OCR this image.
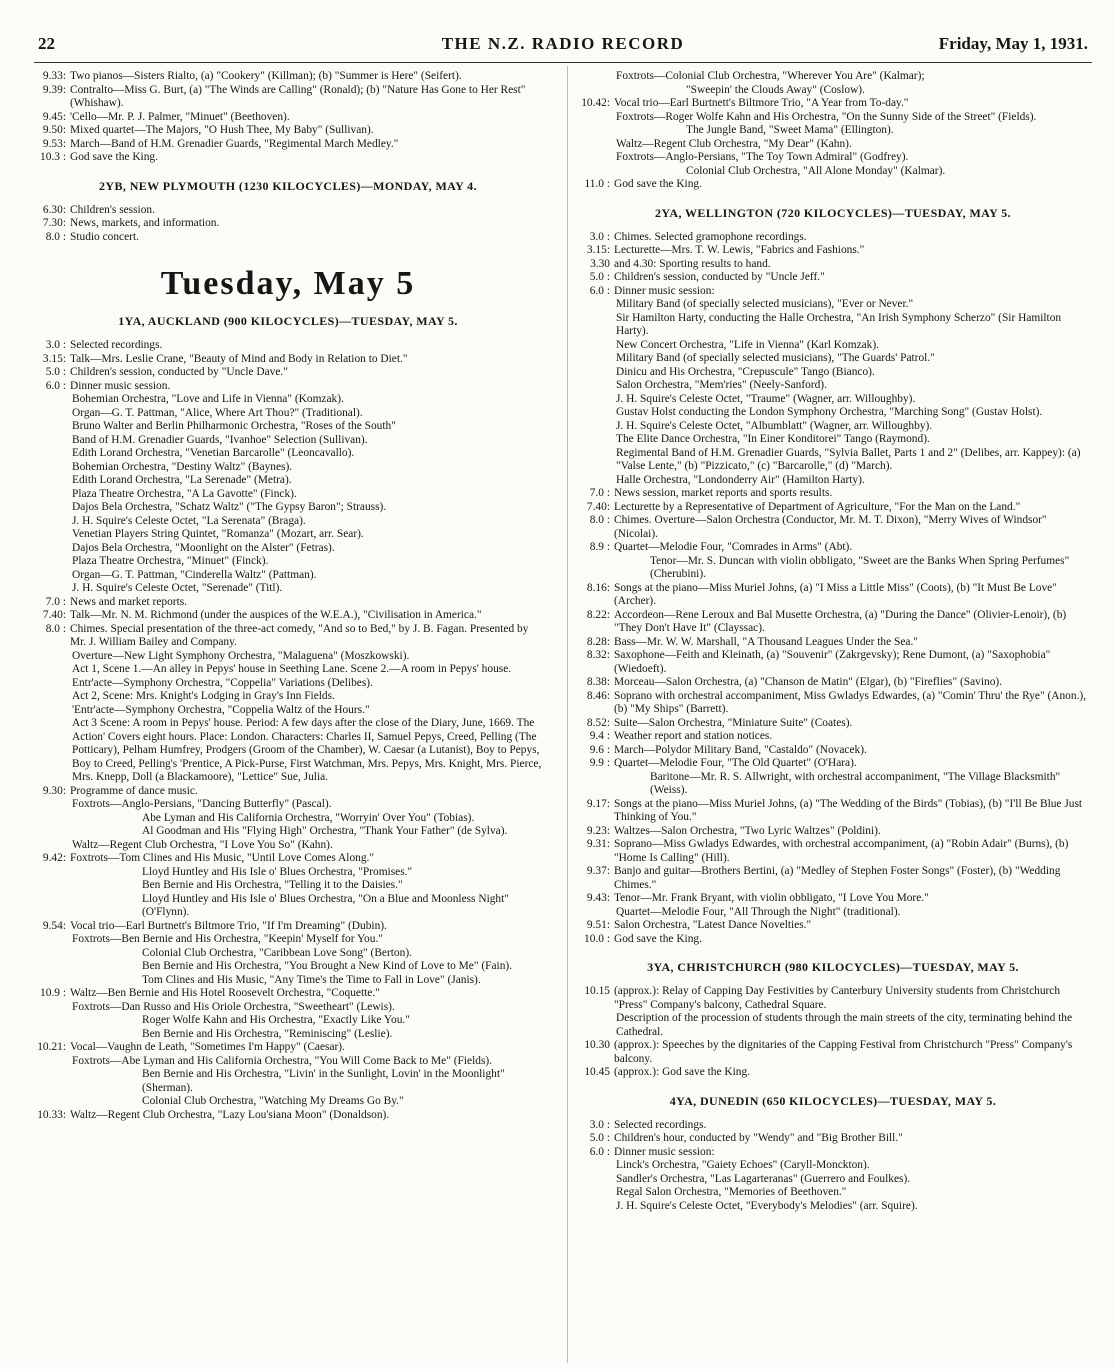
22	THE N.Z. RADIO RECORD	Friday, May 1, 1931.
9.33: Two pianos—Sisters Rialto, (a) "Cookery" (Killman); (b) "Summer is Here" (Seifert).
9.39: Contralto—Miss G. Burt, (a) "The Winds are Calling" (Ronald); (b) "Nature Has Gone to Her Rest" (Whishaw).
9.45: 'Cello—Mr. P. J. Palmer, "Minuet" (Beethoven).
9.50: Mixed quartet—The Majors, "O Hush Thee, My Baby" (Sullivan).
9.53: March—Band of H.M. Grenadier Guards, "Regimental March Medley."
10.3 : God save the King.
2YB, NEW PLYMOUTH (1230 KILOCYCLES)—MONDAY, MAY 4.
6.30: Children's session.
7.30: News, markets, and information.
8.0 : Studio concert.
Tuesday, May 5
1YA, AUCKLAND (900 KILOCYCLES)—TUESDAY, MAY 5.
3.0 : Selected recordings.
3.15: Talk—Mrs. Leslie Crane, "Beauty of Mind and Body in Relation to Diet."
5.0 : Children's session, conducted by "Uncle Dave."
6.0 : Dinner music session.
Bohemian Orchestra, "Love and Life in Vienna" (Komzak).
Organ—G. T. Pattman, "Alice, Where Art Thou?" (Traditional).
Bruno Walter and Berlin Philharmonic Orchestra, "Roses of the South"
Band of H.M. Grenadier Guards, "Ivanhoe" Selection (Sullivan).
Edith Lorand Orchestra, "Venetian Barcarolle" (Leoncavallo).
Bohemian Orchestra, "Destiny Waltz" (Baynes).
Edith Lorand Orchestra, "La Serenade" (Metra).
Plaza Theatre Orchestra, "A La Gavotte" (Finck).
Dajos Bela Orchestra, "Schatz Waltz" ("The Gypsy Baron"; Strauss).
J. H. Squire's Celeste Octet, "La Serenata" (Braga).
Venetian Players String Quintet, "Romanza" (Mozart, arr. Sear).
Dajos Bela Orchestra, "Moonlight on the Alster" (Fetras).
Plaza Theatre Orchestra, "Minuet" (Finck).
Organ—G. T. Pattman, "Cinderella Waltz" (Pattman).
J. H. Squire's Celeste Octet, "Serenade" (Titl).
7.0 : News and market reports.
7.40: Talk—Mr. N. M. Richmond (under the auspices of the W.E.A.), "Civilisation in America."
8.0 : Chimes. Special presentation of the three-act comedy, "And so to Bed," by J. B. Fagan. Presented by Mr. J. William Bailey and Company.
Overture—New Light Symphony Orchestra, "Malaguena" (Moszkowski).
Act 1, Scene 1.—An alley in Pepys' house in Seething Lane. Scene 2.—A room in Pepys' house.
Entr'acte—Symphony Orchestra, "Coppelia" Variations (Delibes).
Act 2, Scene: Mrs. Knight's Lodging in Gray's Inn Fields.
'Entr'acte—Symphony Orchestra, "Coppelia Waltz of the Hours."
Act 3 Scene: A room in Pepys' house. Period: A few days after the close of the Diary, June, 1669. The Action' Covers eight hours. Place: London. Characters: Charles II, Samuel Pepys, Creed, Pelling (The Potticary), Pelham Humfrey, Prodgers (Groom of the Chamber), W. Caesar (a Lutanist), Boy to Pepys, Boy to Creed, Pelling's 'Prentice, A Pick-Purse, First Watchman, Mrs. Pepys, Mrs. Knight, Mrs. Pierce, Mrs. Knepp, Doll (a Blackamoore), "Lettice" Sue, Julia.
9.30: Programme of dance music.
Foxtrots—Anglo-Persians, "Dancing Butterfly" (Pascal).
Abe Lyman and His California Orchestra, "Worryin' Over You" (Tobias).
Al Goodman and His "Flying High" Orchestra, "Thank Your Father" (de Sylva).
Waltz—Regent Club Orchestra, "I Love You So" (Kahn).
9.42: Foxtrots—Tom Clines and His Music, "Until Love Comes Along."
Lloyd Huntley and His Isle o' Blues Orchestra, "Promises."
Ben Bernie and His Orchestra, "Telling it to the Daisies."
Lloyd Huntley and His Isle o' Blues Orchestra, "On a Blue and Moonless Night" (O'Flynn).
9.54: Vocal trio—Earl Burtnett's Biltmore Trio, "If I'm Dreaming" (Dubin).
Foxtrots—Ben Bernie and His Orchestra, "Keepin' Myself for You."
Colonial Club Orchestra, "Caribbean Love Song" (Berton).
Ben Bernie and His Orchestra, "You Brought a New Kind of Love to Me" (Fain).
Tom Clines and His Music, "Any Time's the Time to Fall in Love" (Janis).
10.9 : Waltz—Ben Bernie and His Hotel Roosevelt Orchestra, "Coquette."
Foxtrots—Dan Russo and His Oriole Orchestra, "Sweetheart" (Lewis).
Roger Wolfe Kahn and His Orchestra, "Exactly Like You."
Ben Bernie and His Orchestra, "Reminiscing" (Leslie).
10.21: Vocal—Vaughn de Leath, "Sometimes I'm Happy" (Caesar).
Foxtrots—Abe Lyman and His California Orchestra, "You Will Come Back to Me" (Fields).
Ben Bernie and His Orchestra, "Livin' in the Sunlight, Lovin' in the Moonlight" (Sherman).
Colonial Club Orchestra, "Watching My Dreams Go By."
10.33: Waltz—Regent Club Orchestra, "Lazy Lou'siana Moon" (Donaldson).
Foxtrots—Colonial Club Orchestra, "Wherever You Are" (Kalmar);
"Sweepin' the Clouds Away" (Coslow).
10.42: Vocal trio—Earl Burtnett's Biltmore Trio, "A Year from To-day."
Foxtrots—Roger Wolfe Kahn and His Orchestra, "On the Sunny Side of the Street" (Fields).
The Jungle Band, "Sweet Mama" (Ellington).
Waltz—Regent Club Orchestra, "My Dear" (Kahn).
Foxtrots—Anglo-Persians, "The Toy Town Admiral" (Godfrey).
Colonial Club Orchestra, "All Alone Monday" (Kalmar).
11.0 : God save the King.
2YA, WELLINGTON (720 KILOCYCLES)—TUESDAY, MAY 5.
3.0 : Chimes. Selected gramophone recordings.
3.15: Lecturette—Mrs. T. W. Lewis, "Fabrics and Fashions."
3.30 and 4.30: Sporting results to hand.
5.0 : Children's session, conducted by "Uncle Jeff."
6.0 : Dinner music session:
Military Band (of specially selected musicians), "Ever or Never."
Sir Hamilton Harty, conducting the Halle Orchestra, "An Irish Symphony Scherzo" (Sir Hamilton Harty).
New Concert Orchestra, "Life in Vienna" (Karl Komzak).
Military Band (of specially selected musicians), "The Guards' Patrol."
Dinicu and His Orchestra, "Crepuscule" Tango (Bianco).
Salon Orchestra, "Mem'ries" (Neely-Sanford).
J. H. Squire's Celeste Octet, "Traume" (Wagner, arr. Willoughby).
Gustav Holst conducting the London Symphony Orchestra, "Marching Song" (Gustav Holst).
J. H. Squire's Celeste Octet, "Albumblatt" (Wagner, arr. Willoughby).
The Elite Dance Orchestra, "In Einer Konditorei" Tango (Raymond).
Regimental Band of H.M. Grenadier Guards, "Sylvia Ballet, Parts 1 and 2" (Delibes, arr. Kappey): (a) "Valse Lente," (b) "Pizzicato," (c) "Barcarolle," (d) "March).
Halle Orchestra, "Londonderry Air" (Hamilton Harty).
7.0 : News session, market reports and sports results.
7.40: Lecturette by a Representative of Department of Agriculture, "For the Man on the Land."
8.0 : Chimes. Overture—Salon Orchestra (Conductor, Mr. M. T. Dixon), "Merry Wives of Windsor" (Nicolai).
8.9 : Quartet—Melodie Four, "Comrades in Arms" (Abt).
Tenor—Mr. S. Duncan with violin obbligato, "Sweet are the Banks When Spring Perfumes" (Cherubini).
8.16: Songs at the piano—Miss Muriel Johns, (a) "I Miss a Little Miss" (Coots), (b) "It Must Be Love" (Archer).
8.22: Accordeon—Rene Leroux and Bal Musette Orchestra, (a) "During the Dance" (Olivier-Lenoir), (b) "They Don't Have It" (Clayssac).
8.28: Bass—Mr. W. W. Marshall, "A Thousand Leagues Under the Sea."
8.32: Saxophone—Feith and Kleinath, (a) "Souvenir" (Zakrgevsky); Rene Dumont, (a) "Saxophobia" (Wiedoeft).
8.38: Morceau—Salon Orchestra, (a) "Chanson de Matin" (Elgar), (b) "Fireflies" (Savino).
8.46: Soprano with orchestral accompaniment, Miss Gwladys Edwardes, (a) "Comin' Thru' the Rye" (Anon.), (b) "My Ships" (Barrett).
8.52: Suite—Salon Orchestra, "Miniature Suite" (Coates).
9.4 : Weather report and station notices.
9.6 : March—Polydor Military Band, "Castaldo" (Novacek).
9.9 : Quartet—Melodie Four, "The Old Quartet" (O'Hara).
Baritone—Mr. R. S. Allwright, with orchestral accompaniment, "The Village Blacksmith" (Weiss).
9.17: Songs at the piano—Miss Muriel Johns, (a) "The Wedding of the Birds" (Tobias), (b) "I'll Be Blue Just Thinking of You."
9.23: Waltzes—Salon Orchestra, "Two Lyric Waltzes" (Poldini).
9.31: Soprano—Miss Gwladys Edwardes, with orchestral accompaniment, (a) "Robin Adair" (Burns), (b) "Home Is Calling" (Hill).
9.37: Banjo and guitar—Brothers Bertini, (a) "Medley of Stephen Foster Songs" (Foster), (b) "Wedding Chimes."
9.43: Tenor—Mr. Frank Bryant, with violin obbligato, "I Love You More."
Quartet—Melodie Four, "All Through the Night" (traditional).
9.51: Salon Orchestra, "Latest Dance Novelties."
10.0 : God save the King.
3YA, CHRISTCHURCH (980 KILOCYCLES)—TUESDAY, MAY 5.
10.15 (approx.): Relay of Capping Day Festivities by Canterbury University students from Christchurch "Press" Company's balcony, Cathedral Square.
Description of the procession of students through the main streets of the city, terminating behind the Cathedral.
10.30 (approx.): Speeches by the dignitaries of the Capping Festival from Christchurch "Press" Company's balcony.
10.45 (approx.): God save the King.
4YA, DUNEDIN (650 KILOCYCLES)—TUESDAY, MAY 5.
3.0 : Selected recordings.
5.0 : Children's hour, conducted by "Wendy" and "Big Brother Bill."
6.0 : Dinner music session:
Linck's Orchestra, "Gaiety Echoes" (Caryll-Monckton).
Sandler's Orchestra, "Las Lagarteranas" (Guerrero and Foulkes).
Regal Salon Orchestra, "Memories of Beethoven."
J. H. Squire's Celeste Octet, "Everybody's Melodies" (arr. Squire).
